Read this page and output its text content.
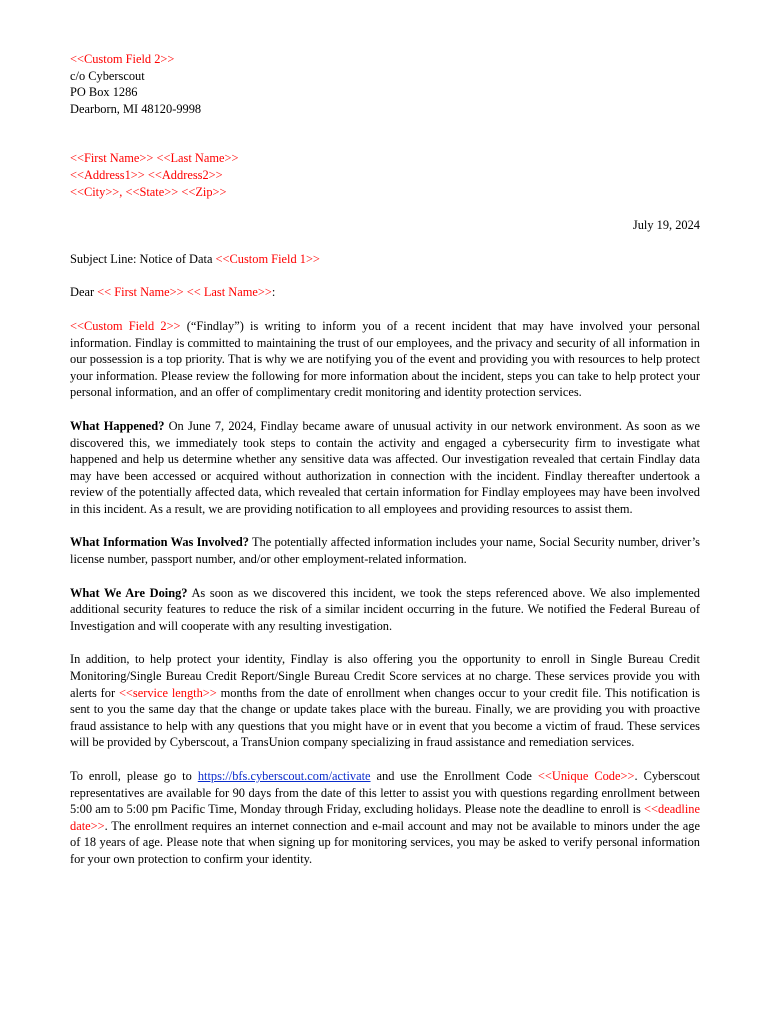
<<Custom Field 2>>
c/o Cyberscout
PO Box 1286
Dearborn, MI 48120-9998
<<First Name>> <<Last Name>>
<<Address1>> <<Address2>>
<<City>>, <<State>> <<Zip>>

July 19, 2024

Subject Line: Notice of Data <<Custom Field 1>>

Dear << First Name>> << Last Name>>:

<<Custom Field 2>> (“Findlay”) is writing to inform you of a recent incident that may have involved your personal information. Findlay is committed to maintaining the trust of our employees, and the privacy and security of all information in our possession is a top priority. That is why we are notifying you of the event and providing you with resources to help protect your information. Please review the following for more information about the incident, steps you can take to help protect your personal information, and an offer of complimentary credit monitoring and identity protection services.

What Happened? On June 7, 2024, Findlay became aware of unusual activity in our network environment. As soon as we discovered this, we immediately took steps to contain the activity and engaged a cybersecurity firm to investigate what happened and help us determine whether any sensitive data was affected. Our investigation revealed that certain Findlay data may have been accessed or acquired without authorization in connection with the incident. Findlay thereafter undertook a review of the potentially affected data, which revealed that certain information for Findlay employees may have been involved in this incident. As a result, we are providing notification to all employees and providing resources to assist them.

What Information Was Involved? The potentially affected information includes your name, Social Security number, driver’s license number, passport number, and/or other employment-related information.

What We Are Doing? As soon as we discovered this incident, we took the steps referenced above. We also implemented additional security features to reduce the risk of a similar incident occurring in the future. We notified the Federal Bureau of Investigation and will cooperate with any resulting investigation.

In addition, to help protect your identity, Findlay is also offering you the opportunity to enroll in Single Bureau Credit Monitoring/Single Bureau Credit Report/Single Bureau Credit Score services at no charge. These services provide you with alerts for <<service length>> months from the date of enrollment when changes occur to your credit file. This notification is sent to you the same day that the change or update takes place with the bureau. Finally, we are providing you with proactive fraud assistance to help with any questions that you might have or in event that you become a victim of fraud. These services will be provided by Cyberscout, a TransUnion company specializing in fraud assistance and remediation services.

To enroll, please go to https://bfs.cyberscout.com/activate and use the Enrollment Code <<Unique Code>>. Cyberscout representatives are available for 90 days from the date of this letter to assist you with questions regarding enrollment between 5:00 am to 5:00 pm Pacific Time, Monday through Friday, excluding holidays. Please note the deadline to enroll is <<deadline date>>. The enrollment requires an internet connection and e-mail account and may not be available to minors under the age of 18 years of age. Please note that when signing up for monitoring services, you may be asked to verify personal information for your own protection to confirm your identity.
